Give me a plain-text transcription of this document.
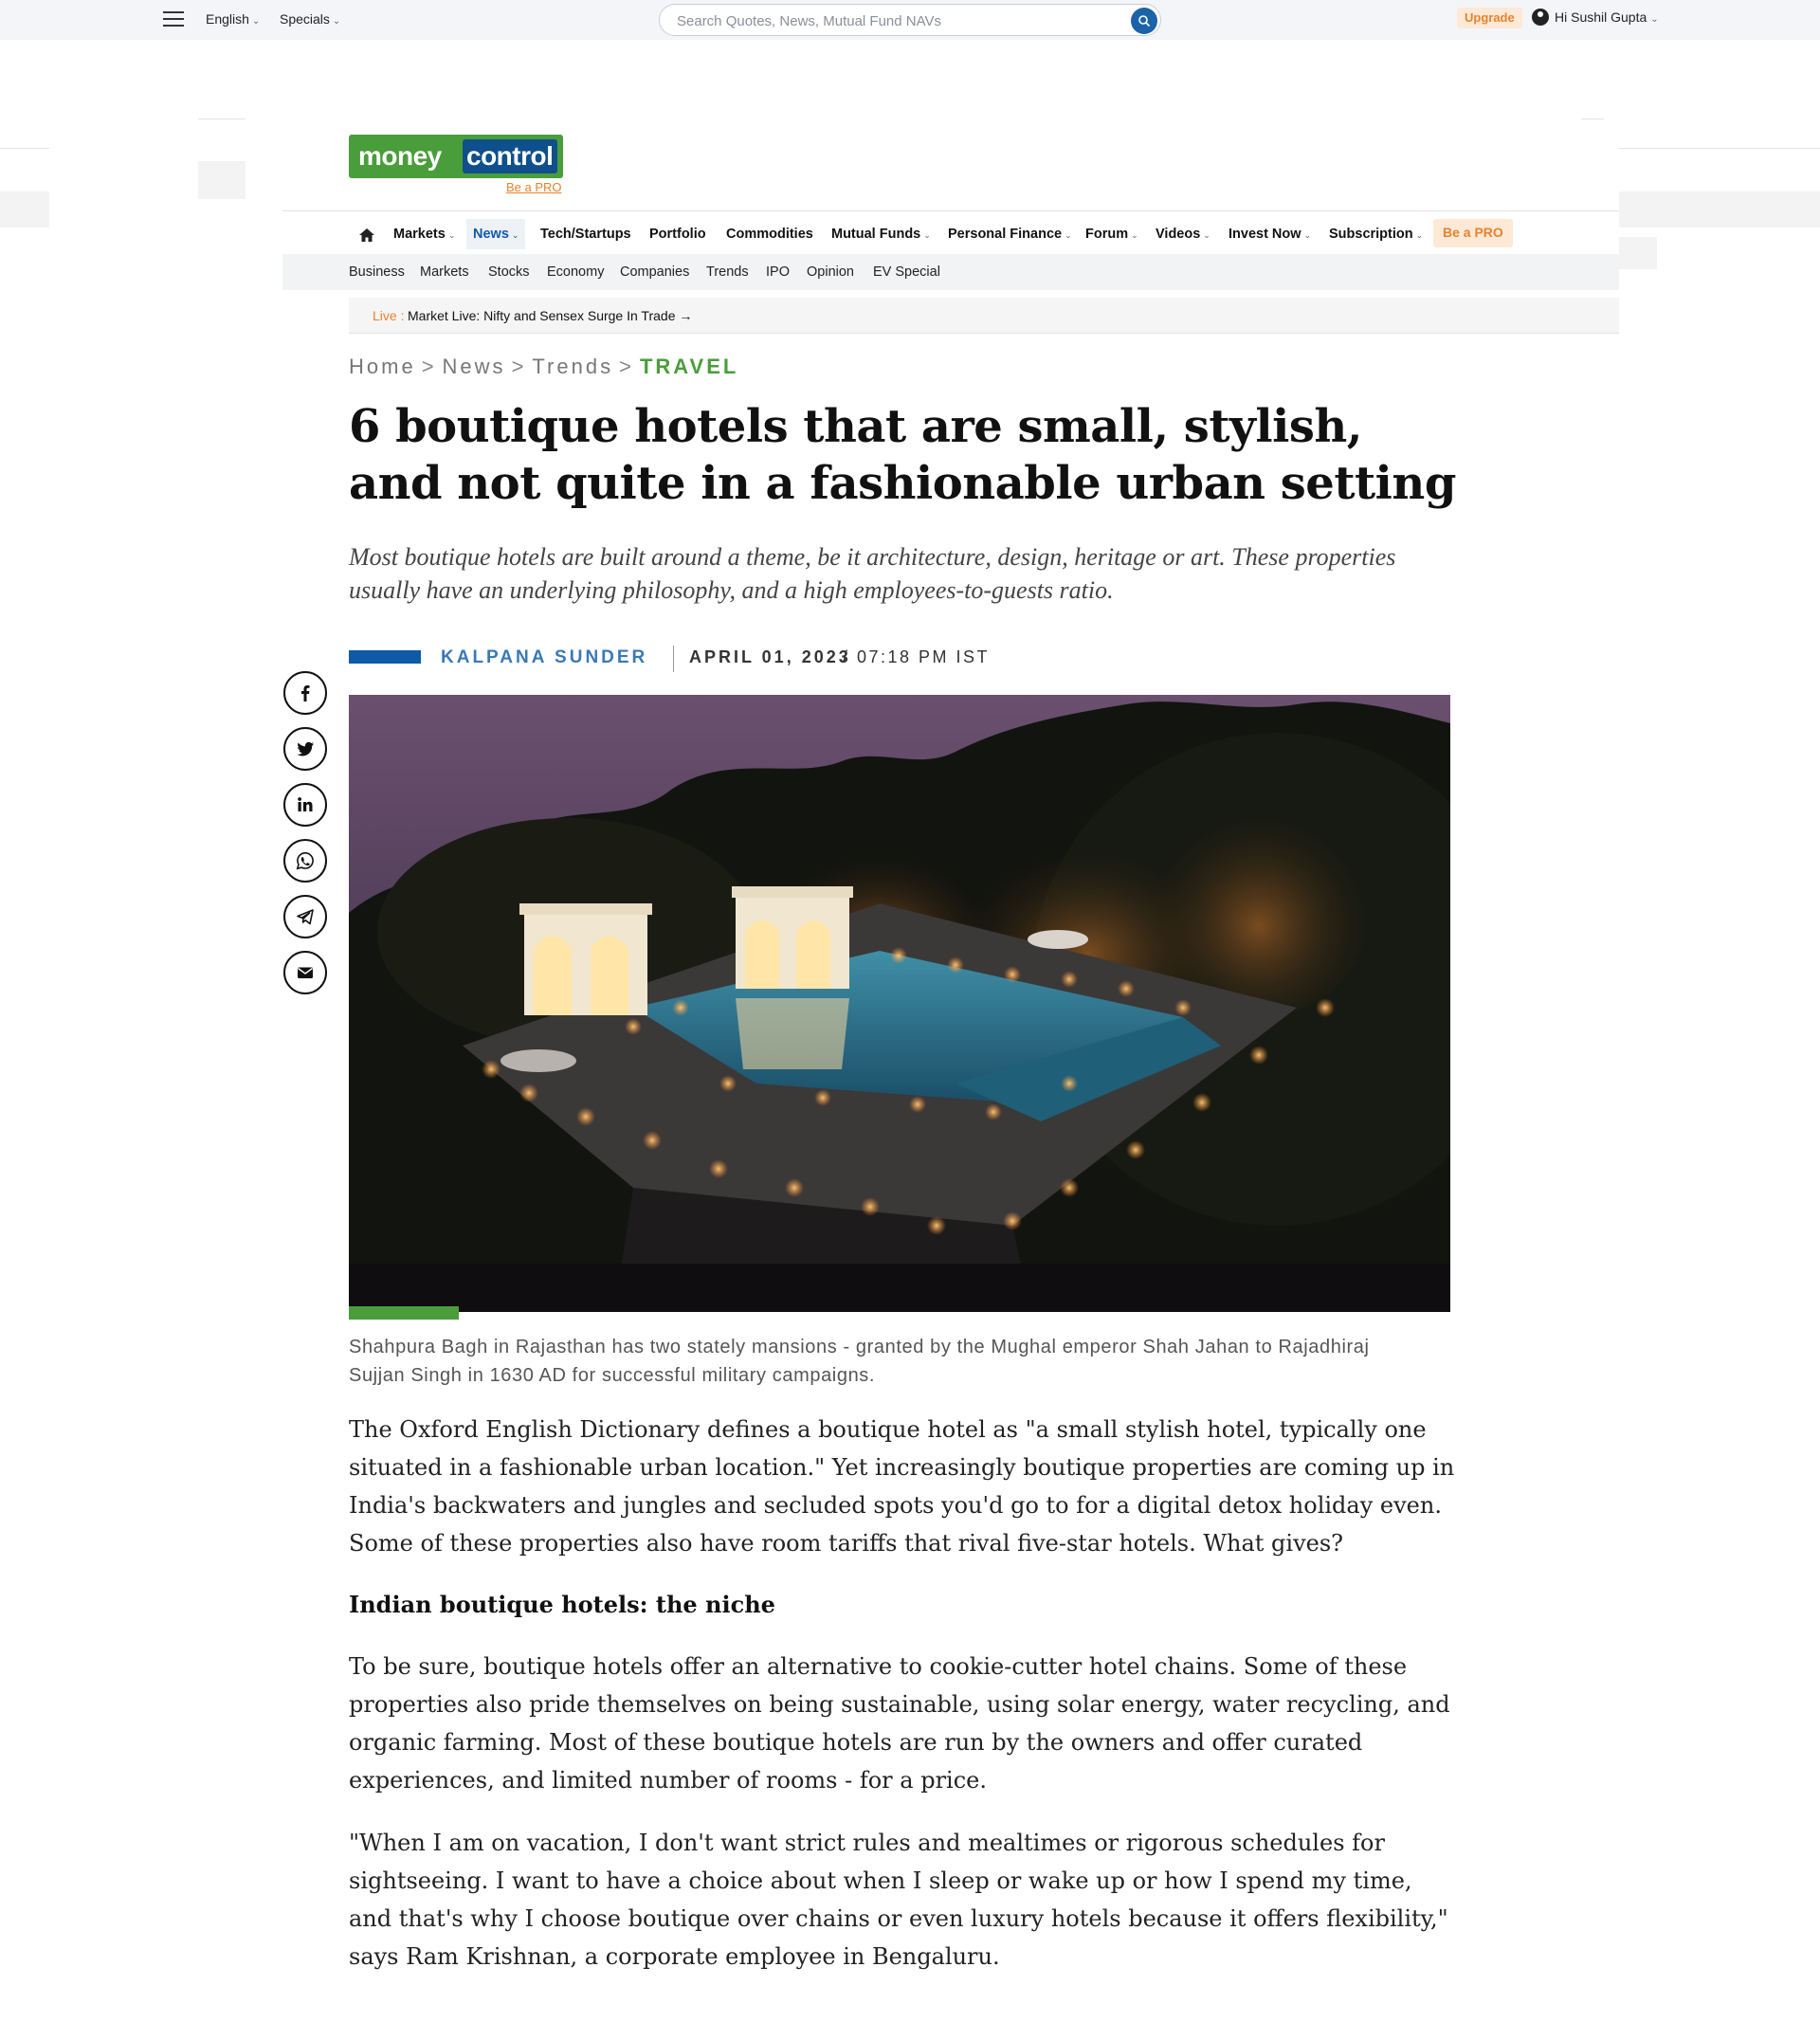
English ⌄ Specials ⌄
Search Quotes, News, Mutual Fund NAVs	Upgrade	Hi Sushil Gupta ⌄
money control
Be a PRO
Markets ⌄	News ⌄	Tech/Startups Portfolio Commodities Mutual Funds ⌄ Personal Finance ⌄ Forum ⌄ Videos ⌄ Invest Now ⌄ Subscription ⌄	Be a PRO
Business Markets Stocks Economy Companies Trends IPO Opinion EV Special
Live : Market Live: Nifty and Sensex Surge In Trade →
Home > News > Trends > TRAVEL
6 boutique hotels that are small, stylish, and not quite in a fashionable urban setting

Most boutique hotels are built around a theme, be it architecture, design, heritage or art. These properties usually have an underlying philosophy, and a high employees-to-guests ratio.

KALPANA SUNDER APRIL 01, 2023
/ 07:18 PM IST

Shahpura Bagh in Rajasthan has two stately mansions - granted by the Mughal emperor Shah Jahan to Rajadhiraj Sujjan Singh in 1630 AD for successful military campaigns.

The Oxford English Dictionary defines a boutique hotel as "a small stylish hotel, typically one situated in a fashionable urban location." Yet increasingly boutique properties are coming up in India's backwaters and jungles and secluded spots you'd go to for a digital detox holiday even. Some of these properties also have room tariffs that rival five-star hotels. What gives?

Indian boutique hotels: the niche

To be sure, boutique hotels offer an alternative to cookie-cutter hotel chains. Some of these properties also pride themselves on being sustainable, using solar energy, water recycling, and organic farming. Most of these boutique hotels are run by the owners and offer curated experiences, and limited number of rooms - for a price.

"When I am on vacation, I don't want strict rules and mealtimes or rigorous schedules for sightseeing. I want to have a choice about when I sleep or wake up or how I spend my time, and that's why I choose boutique over chains or even luxury hotels because it offers flexibility," says Ram Krishnan, a corporate employee in Bengaluru.
